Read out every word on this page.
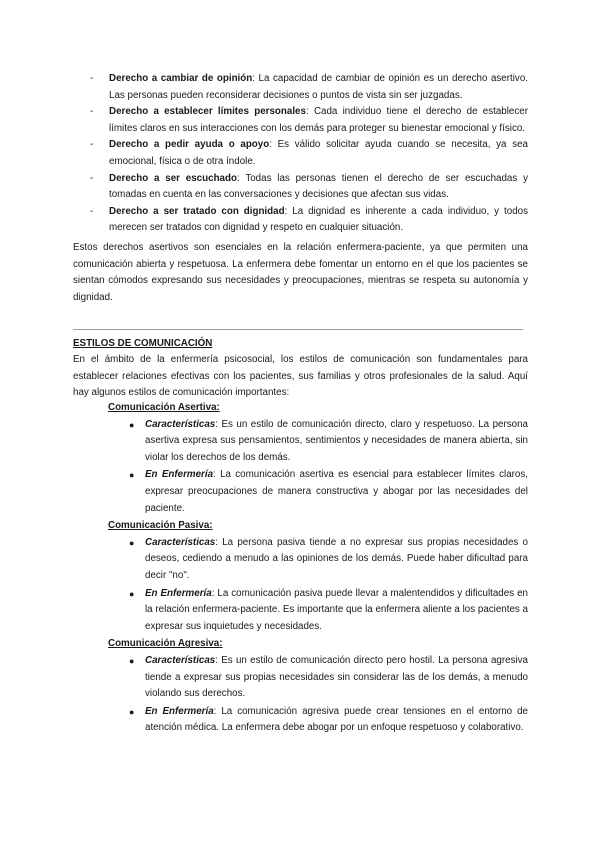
- Derecho a cambiar de opinión: La capacidad de cambiar de opinión es un derecho asertivo. Las personas pueden reconsiderar decisiones o puntos de vista sin ser juzgadas.

- Derecho a establecer límites personales: Cada individuo tiene el derecho de establecer límites claros en sus interacciones con los demás para proteger su bienestar emocional y físico.

- Derecho a pedir ayuda o apoyo: Es válido solicitar ayuda cuando se necesita, ya sea emocional, física o de otra índole.

- Derecho a ser escuchado: Todas las personas tienen el derecho de ser escuchadas y tomadas en cuenta en las conversaciones y decisiones que afectan sus vidas.

- Derecho a ser tratado con dignidad: La dignidad es inherente a cada individuo, y todos merecen ser tratados con dignidad y respeto en cualquier situación.

Estos derechos asertivos son esenciales en la relación enfermera-paciente, ya que permiten una comunicación abierta y respetuosa. La enfermera debe fomentar un entorno en el que los pacientes se sientan cómodos expresando sus necesidades y preocupaciones, mientras se respeta su autonomía y dignidad.

ESTILOS DE COMUNICACIÓN

En el ámbito de la enfermería psicosocial, los estilos de comunicación son fundamentales para establecer relaciones efectivas con los pacientes, sus familias y otros profesionales de la salud. Aquí hay algunos estilos de comunicación importantes:

Comunicación Asertiva:

● Características: Es un estilo de comunicación directo, claro y respetuoso. La persona asertiva expresa sus pensamientos, sentimientos y necesidades de manera abierta, sin violar los derechos de los demás.

● En Enfermería: La comunicación asertiva es esencial para establecer límites claros, expresar preocupaciones de manera constructiva y abogar por las necesidades del paciente.

Comunicación Pasiva:

● Características: La persona pasiva tiende a no expresar sus propias necesidades o deseos, cediendo a menudo a las opiniones de los demás. Puede haber dificultad para decir "no".

● En Enfermería: La comunicación pasiva puede llevar a malentendidos y dificultades en la relación enfermera-paciente. Es importante que la enfermera aliente a los pacientes a expresar sus inquietudes y necesidades.

Comunicación Agresiva:

● Características: Es un estilo de comunicación directo pero hostil. La persona agresiva tiende a expresar sus propias necesidades sin considerar las de los demás, a menudo violando sus derechos.

● En Enfermería: La comunicación agresiva puede crear tensiones en el entorno de atención médica. La enfermera debe abogar por un enfoque respetuoso y colaborativo.
